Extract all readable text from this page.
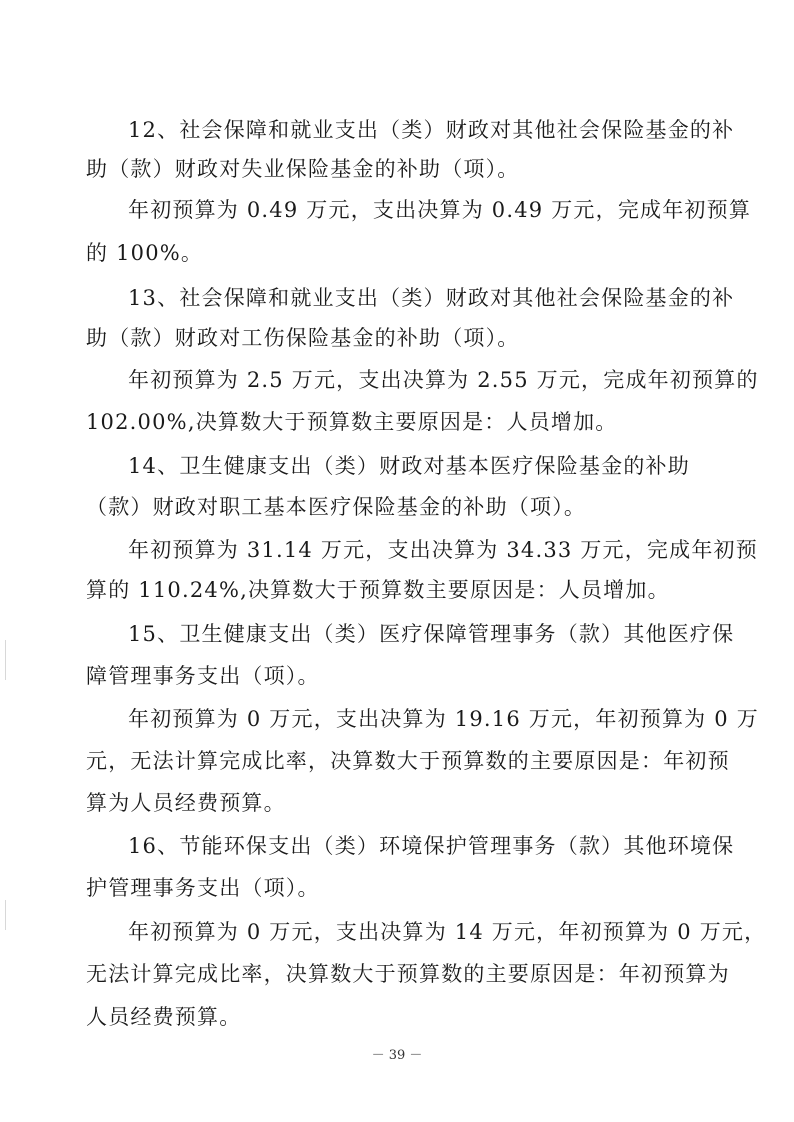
12、社会保障和就业支出（类）财政对其他社会保险基金的补
助（款）财政对失业保险基金的补助（项）。
年初预算为 0.49 万元，支出决算为 0.49 万元，完成年初预算
的 100%。
13、社会保障和就业支出（类）财政对其他社会保险基金的补
助（款）财政对工伤保险基金的补助（项）。
年初预算为 2.5 万元，支出决算为 2.55 万元，完成年初预算的
102.00%,决算数大于预算数主要原因是：人员增加。
14、卫生健康支出（类）财政对基本医疗保险基金的补助
（款）财政对职工基本医疗保险基金的补助（项）。
年初预算为 31.14 万元，支出决算为 34.33 万元，完成年初预
算的 110.24%,决算数大于预算数主要原因是：人员增加。
15、卫生健康支出（类）医疗保障管理事务（款）其他医疗保
障管理事务支出（项）。
年初预算为 0 万元，支出决算为 19.16 万元，年初预算为 0 万
元，无法计算完成比率，决算数大于预算数的主要原因是：年初预
算为人员经费预算。
16、节能环保支出（类）环境保护管理事务（款）其他环境保
护管理事务支出（项）。
年初预算为 0 万元，支出决算为 14 万元，年初预算为 0 万元，
无法计算完成比率，决算数大于预算数的主要原因是：年初预算为
人员经费预算。
－ 39 －
